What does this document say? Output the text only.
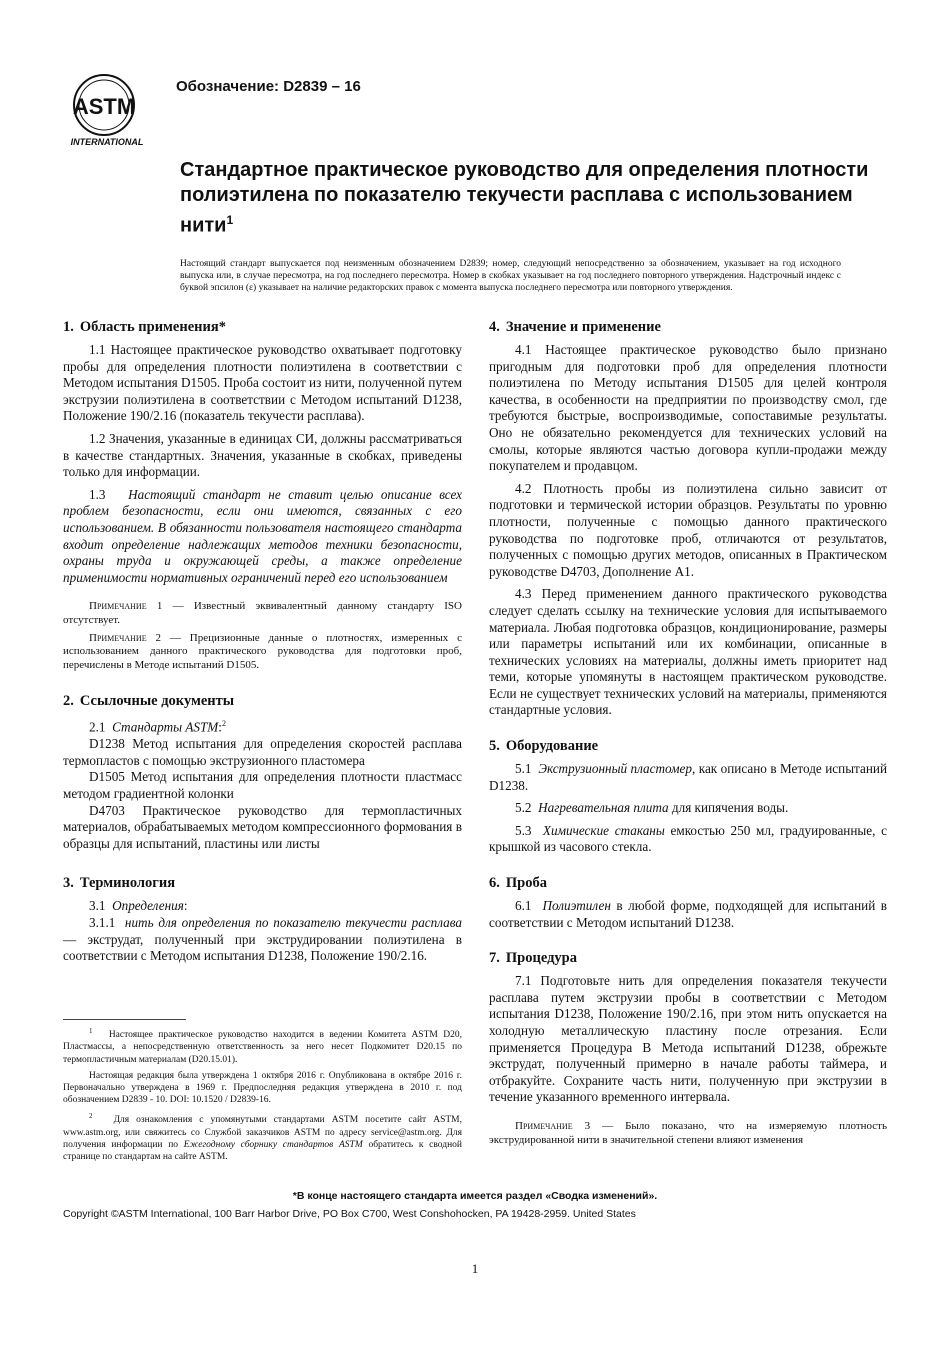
ASTM
INTERNATIONAL
Обозначение: D2839 – 16
Стандартное практическое руководство для определения плотности полиэтилена по показателю текучести расплава с использованием нити$^1$

Настоящий стандарт выпускается под неизменным обозначением D2839; номер, следующий непосредственно за обозначением, указывает на год исходного выпуска или, в случае пересмотра, на год последнего пересмотра. Номер в скобках указывает на год последнего повторного утверждения. Надстрочный индекс с буквой эпсилон (ε) указывает на наличие редакторских правок с момента выпуска последнего пересмотра или повторного утверждения.

1. Область применения*

1.1 Настоящее практическое руководство охватывает подготовку пробы для определения плотности полиэтилена в соответствии с Методом испытания D1505. Проба состоит из нити, полученной путем экструзии полиэтилена в соответствии с Методом испытаний D1238, Положение 190/2.16 (показатель текучести расплава).

1.2 Значения, указанные в единицах СИ, должны рассматриваться в качестве стандартных. Значения, указанные в скобках, приведены только для информации.

1.3 Настоящий стандарт не ставит целью описание всех проблем безопасности, если они имеются, связанных с его использованием. В обязанности пользователя настоящего стандарта входит определение надлежащих методов техники безопасности, охраны труда и окружающей среды, а также определение применимости нормативных ограничений перед его использованием

Примечание 1 — Известный эквивалентный данному стандарту ISO отсутствует.

Примечание 2 — Прецизионные данные о плотностях, измеренных с использованием данного практического руководства для подготовки проб, перечислены в Методе испытаний D1505.

2. Ссылочные документы

2.1 Стандарты ASTM:$^2$

D1238 Метод испытания для определения скоростей расплава термопластов с помощью экструзионного пластомера

D1505 Метод испытания для определения плотности пластмасс методом градиентной колонки

D4703 Практическое руководство для термопластичных материалов, обрабатываемых методом компрессионного формования в образцы для испытаний, пластины или листы

3. Терминология

3.1 Определения:

3.1.1 нить для определения по показателю текучести расплава — экструдат, полученный при экструдировании полиэтилена в соответствии с Методом испытания D1238, Положение 190/2.16.

$^1$ Настоящее практическое руководство находится в ведении Комитета ASTM D20, Пластмассы, а непосредственную ответственность за него несет Подкомитет D20.15 по термопластичным материалам (D20.15.01).

Настоящая редакция была утверждена 1 октября 2016 г. Опубликована в октябре 2016 г. Первоначально утверждена в 1969 г. Предпоследняя редакция утверждена в 2010 г. под обозначением D2839 - 10. DOI: 10.1520 / D2839-16.

$^2$ Для ознакомления с упомянутыми стандартами ASTM посетите сайт ASTM, www.astm.org, или свяжитесь со Службой заказчиков ASTM по адресу service@astm.org. Для получения информации по Ежегодному сборнику стандартов ASTM обратитесь к сводной странице по стандартам на сайте ASTM.

4. Значение и применение

4.1 Настоящее практическое руководство было признано пригодным для подготовки проб для определения плотности полиэтилена по Методу испытания D1505 для целей контроля качества, в особенности на предприятии по производству смол, где требуются быстрые, воспроизводимые, сопоставимые результаты. Оно не обязательно рекомендуется для технических условий на смолы, которые являются частью договора купли-продажи между покупателем и продавцом.

4.2 Плотность пробы из полиэтилена сильно зависит от подготовки и термической истории образцов. Результаты по уровню плотности, полученные с помощью данного практического руководства по подготовке проб, отличаются от результатов, полученных с помощью других методов, описанных в Практическом руководстве D4703, Дополнение A1.

4.3 Перед применением данного практического руководства следует сделать ссылку на технические условия для испытываемого материала. Любая подготовка образцов, кондиционирование, размеры или параметры испытаний или их комбинации, описанные в технических условиях на материалы, должны иметь приоритет над теми, которые упомянуты в настоящем практическом руководстве. Если не существует технических условий на материалы, применяются стандартные условия.

5. Оборудование

5.1 Экструзионный пластомер, как описано в Методе испытаний D1238.

5.2 Нагревательная плита для кипячения воды.

5.3 Химические стаканы емкостью 250 мл, градуированные, с крышкой из часового стекла.

6. Проба

6.1 Полиэтилен в любой форме, подходящей для испытаний в соответствии с Методом испытаний D1238.

7. Процедура

7.1 Подготовьте нить для определения показателя текучести расплава путем экструзии пробы в соответствии с Методом испытания D1238, Положение 190/2.16, при этом нить опускается на холодную металлическую пластину после отрезания. Если применяется Процедура В Метода испытаний D1238, обрежьте экструдат, полученный примерно в начале работы таймера, и отбракуйте. Сохраните часть нити, полученную при экструзии в течение указанного временного интервала.

Примечание 3 — Было показано, что на измеряемую плотность экструдированной нити в значительной степени влияют изменения

*В конце настоящего стандарта имеется раздел «Сводка изменений».
Copyright ©ASTM International, 100 Barr Harbor Drive, PO Box C700, West Conshohocken, PA 19428-2959. United States
1
